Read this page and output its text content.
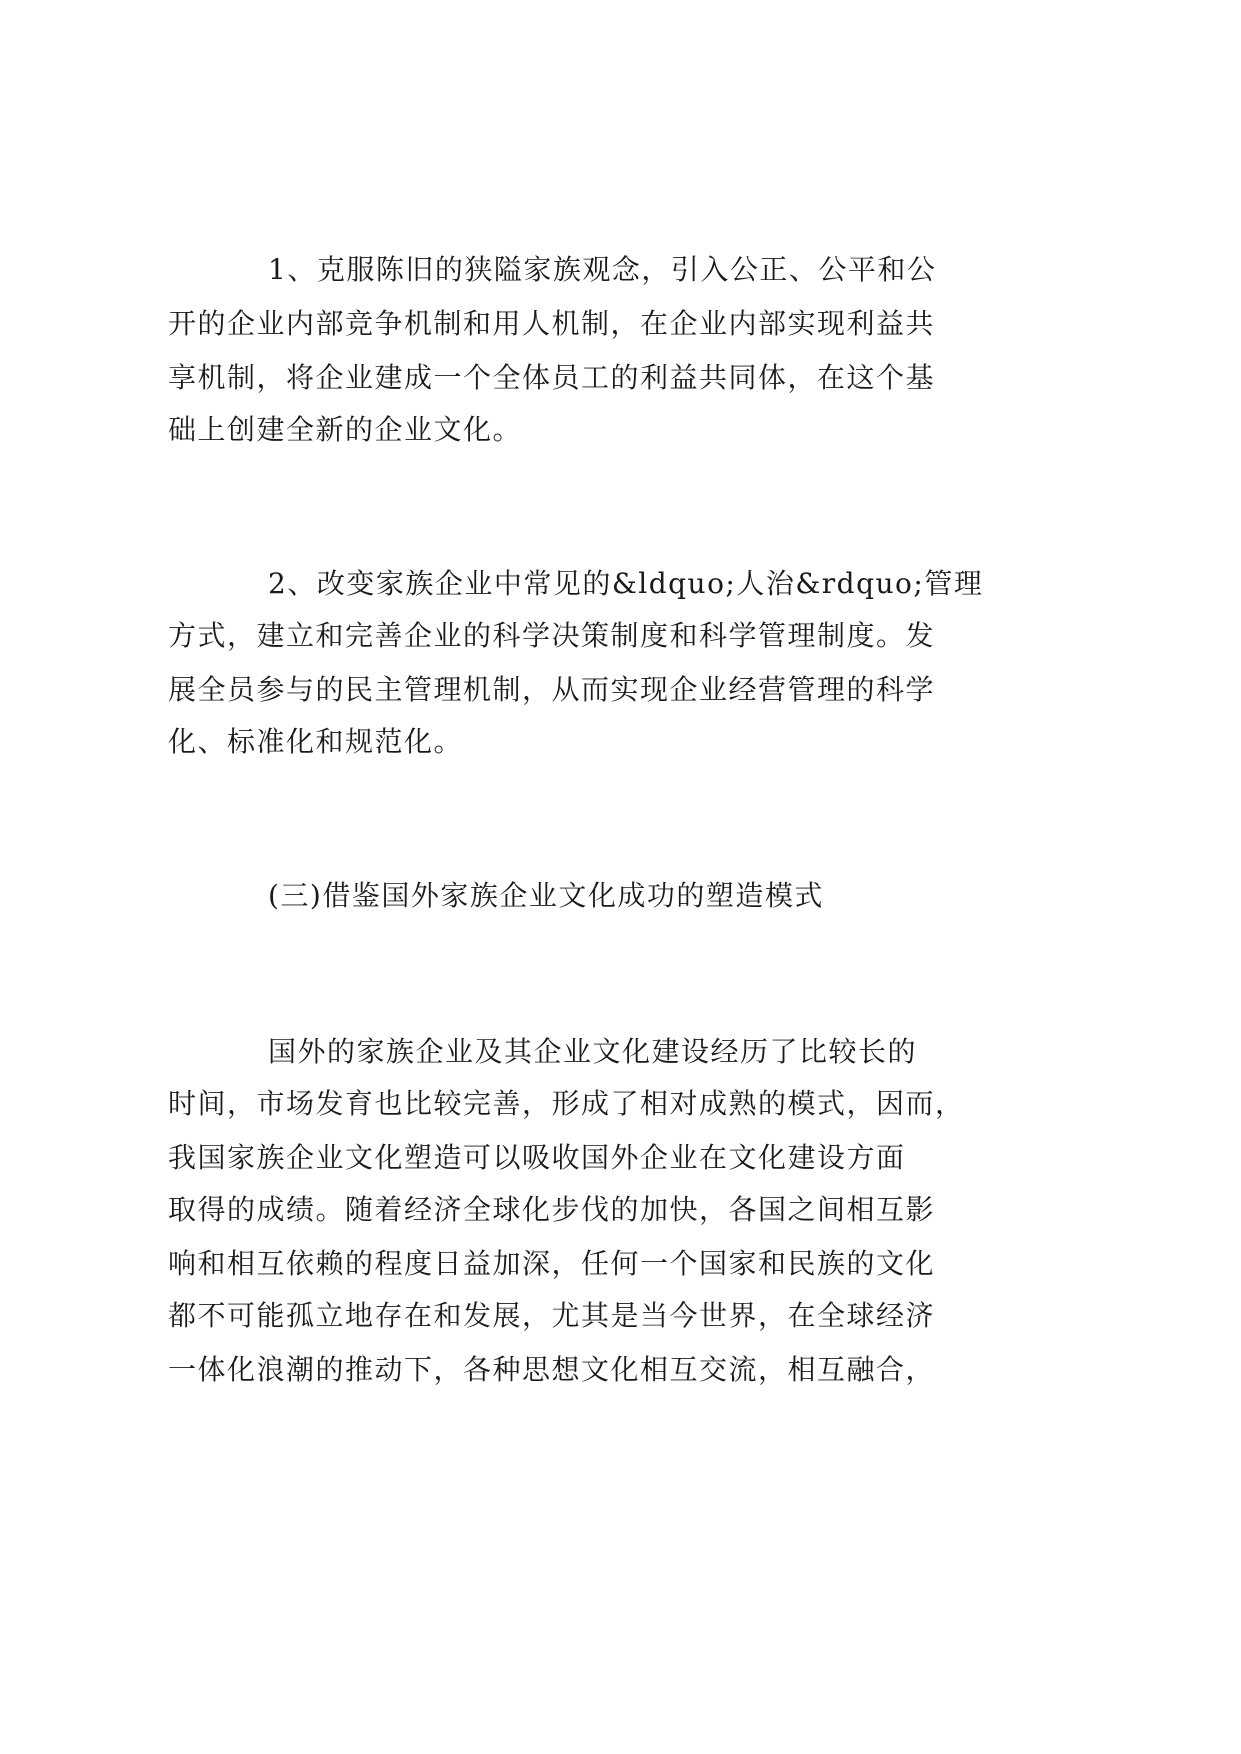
1、克服陈旧的狭隘家族观念，引入公正、公平和公
开的企业内部竞争机制和用人机制，在企业内部实现利益共
享机制，将企业建成一个全体员工的利益共同体，在这个基
础上创建全新的企业文化。
2、改变家族企业中常见的&ldquo;人治&rdquo;管理
方式，建立和完善企业的科学决策制度和科学管理制度。发
展全员参与的民主管理机制，从而实现企业经营管理的科学
化、标准化和规范化。
(三)借鉴国外家族企业文化成功的塑造模式
国外的家族企业及其企业文化建设经历了比较长的
时间，市场发育也比较完善，形成了相对成熟的模式，因而，
我国家族企业文化塑造可以吸收国外企业在文化建设方面
取得的成绩。随着经济全球化步伐的加快，各国之间相互影
响和相互依赖的程度日益加深，任何一个国家和民族的文化
都不可能孤立地存在和发展，尤其是当今世界，在全球经济
一体化浪潮的推动下，各种思想文化相互交流，相互融合，
